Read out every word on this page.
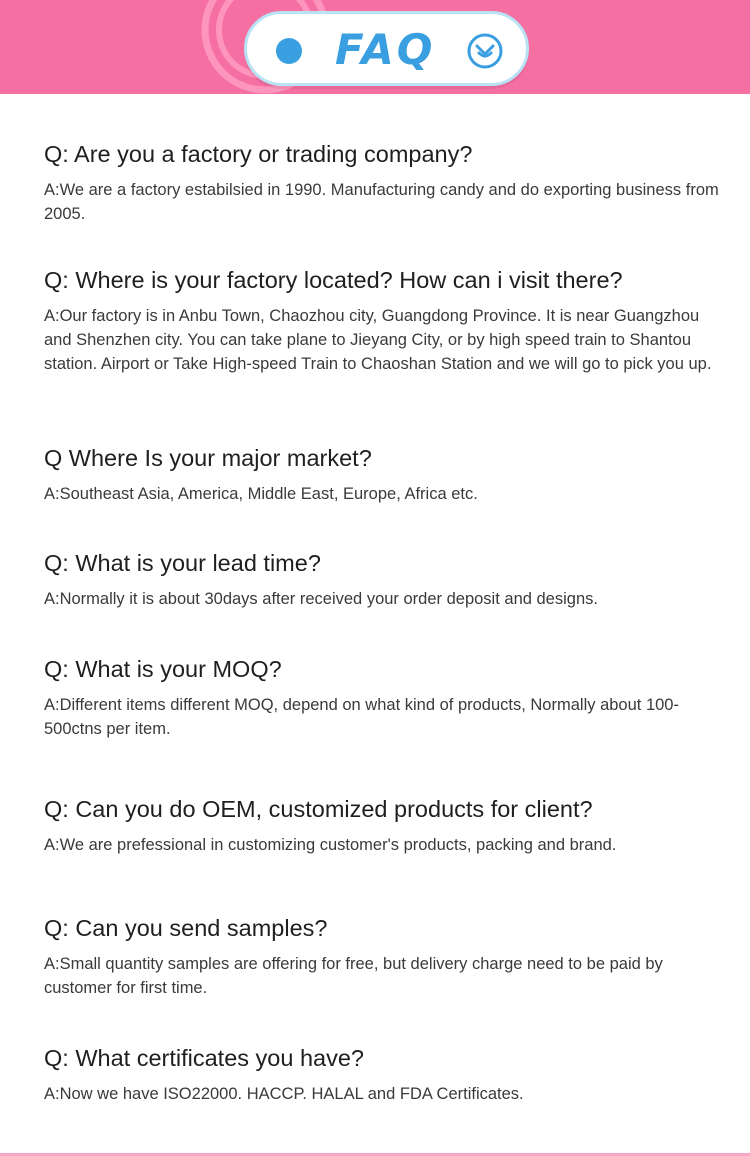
FAQ
Q: Are you a factory or trading company?
A:We are a factory estabilsied in 1990. Manufacturing candy and do exporting business from 2005.
Q: Where is your factory located? How can i visit there?
A:Our factory is in Anbu Town, Chaozhou city, Guangdong Province. It is near Guangzhou and Shenzhen city. You can take plane to Jieyang City, or by high speed train to Shantou station. Airport or Take High-speed Train to Chaoshan Station and we will go to pick you up.
Q Where Is your major market?
A:Southeast Asia, America, Middle East, Europe, Africa etc.
Q: What is your lead time?
A:Normally it is about 30days after received your order deposit and designs.
Q: What is your MOQ?
A:Different items different MOQ, depend on what kind of products, Normally about 100-500ctns per item.
Q: Can you do OEM, customized products for client?
A:We are prefessional in customizing customer's products, packing and brand.
Q: Can you send samples?
A:Small quantity samples are offering for free, but delivery charge need to be paid by customer for first time.
Q: What certificates you have?
A:Now we have ISO22000. HACCP. HALAL and FDA Certificates.
